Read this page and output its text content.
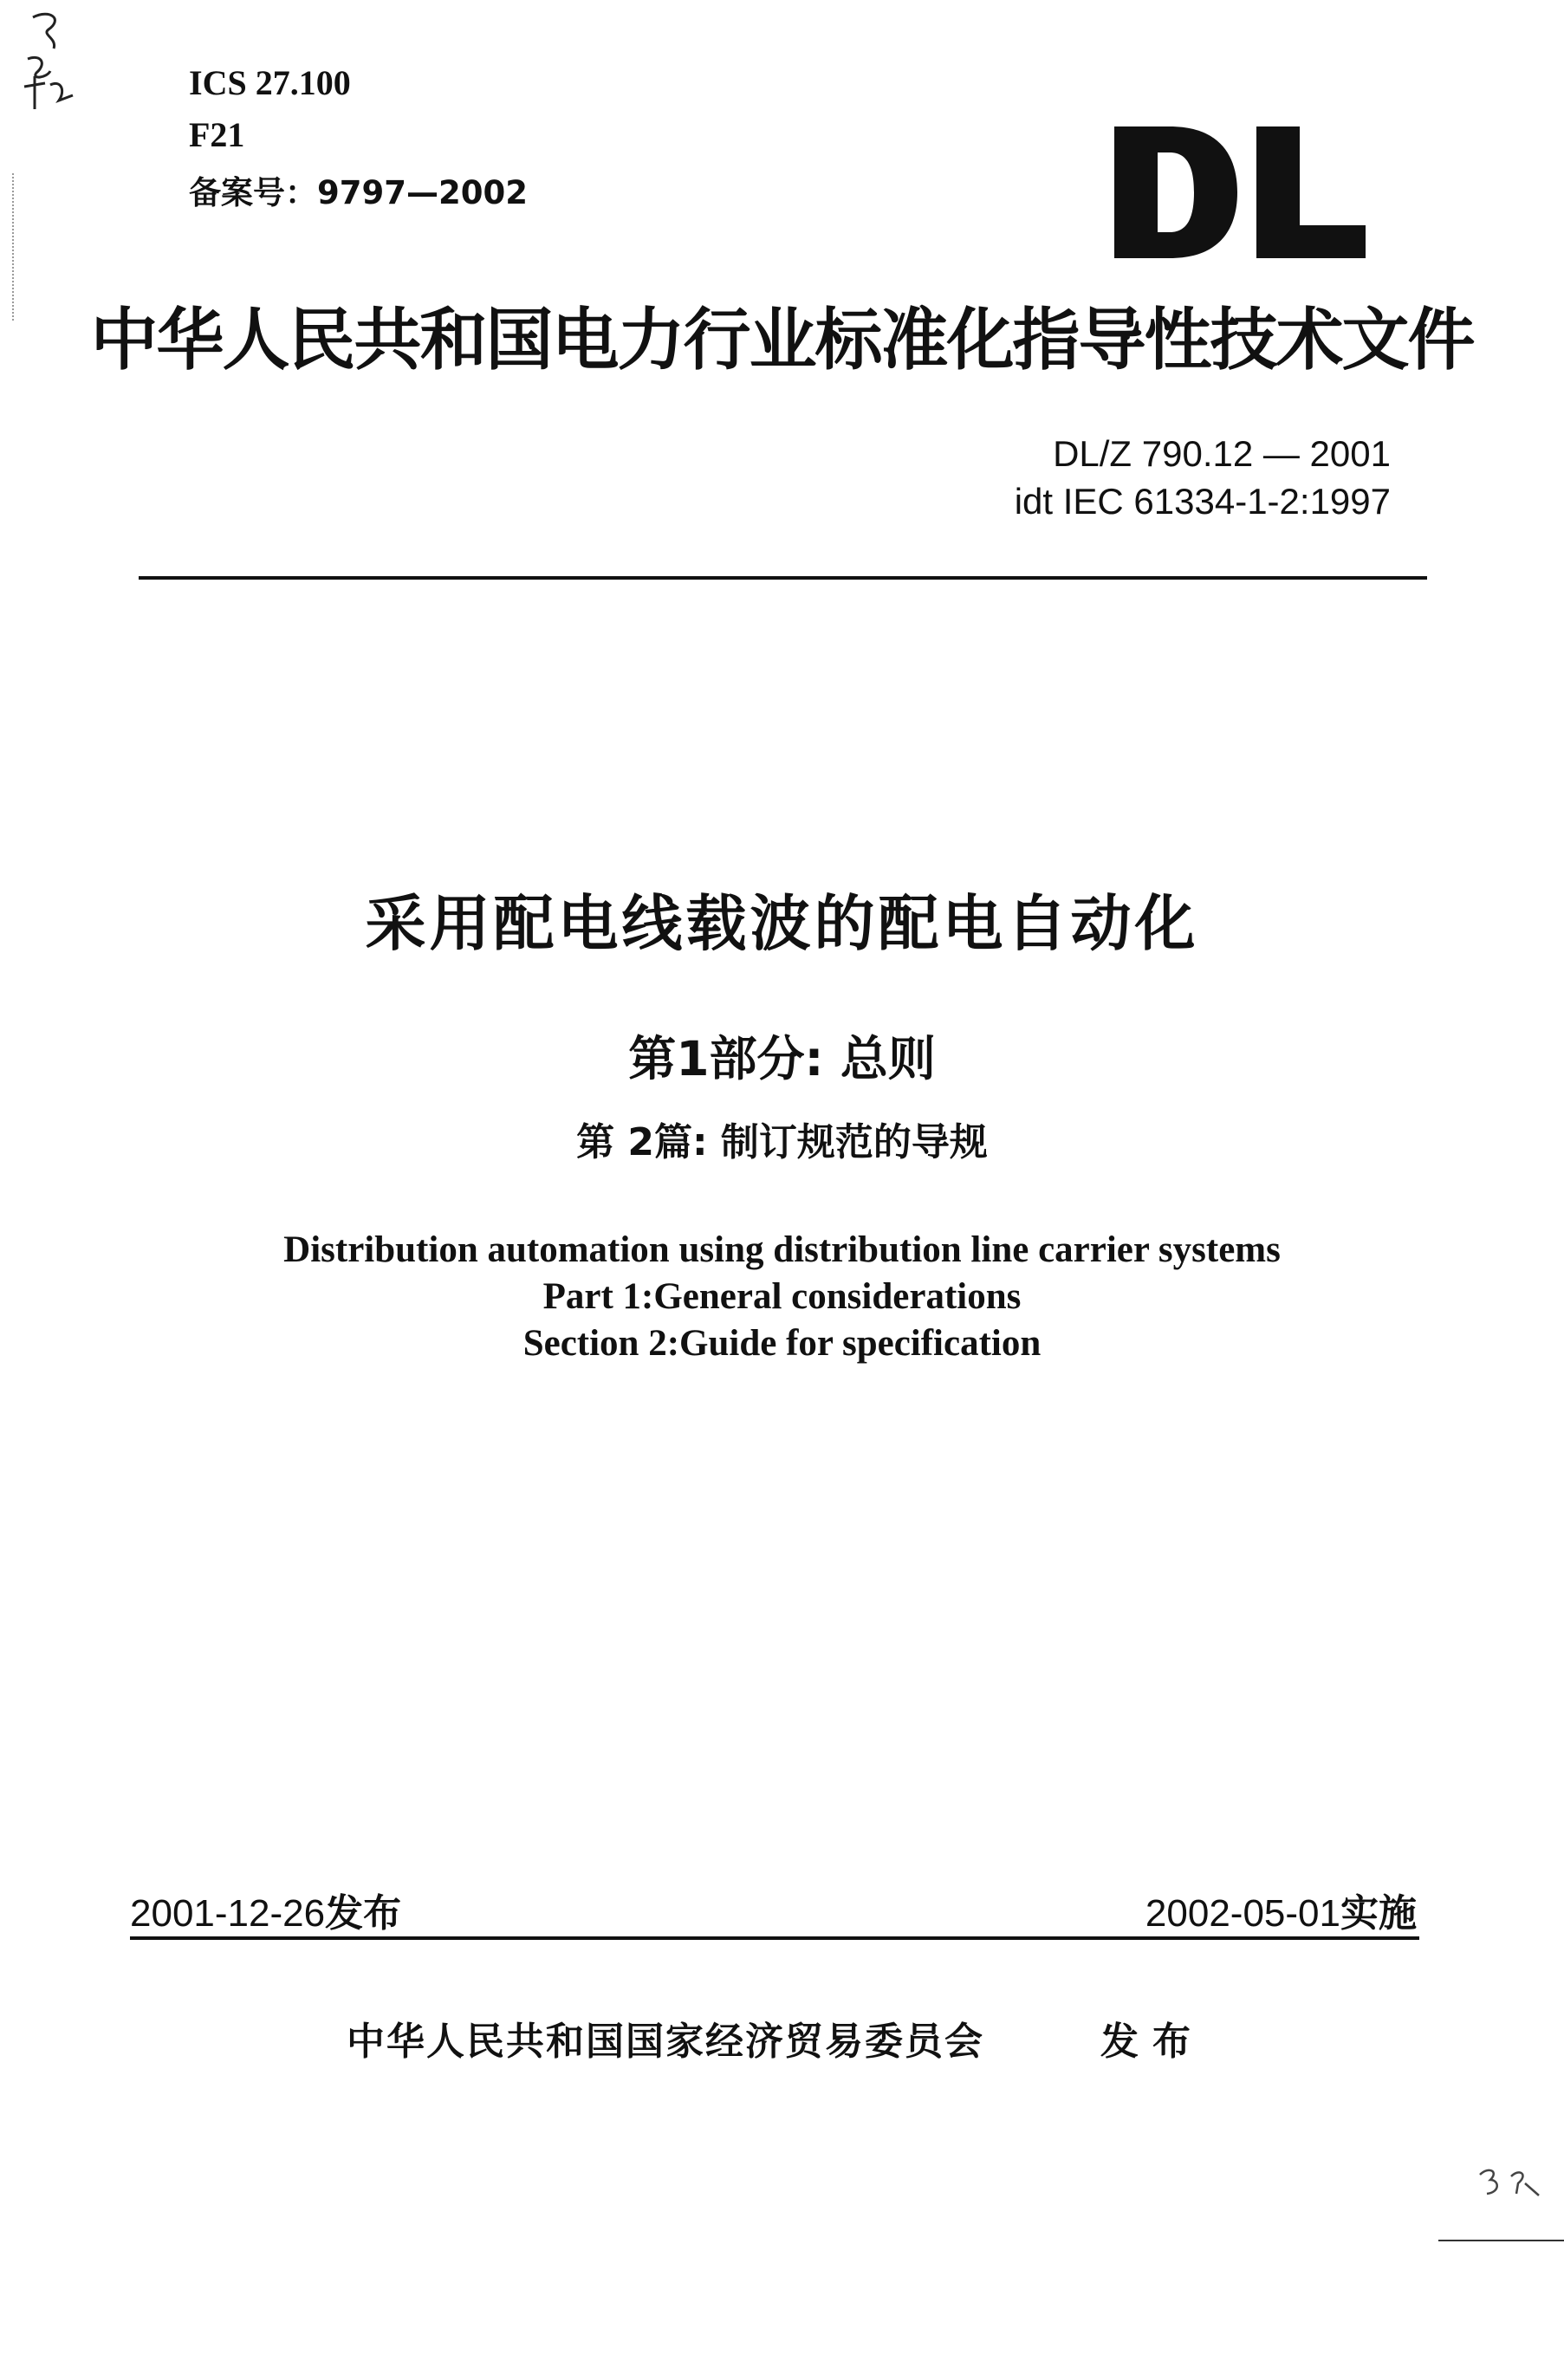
ICS 27.100
F21
备案号：9797—2002
中华人民共和国电力行业标准化指导性技术文件
DL/Z 790.12 — 2001
idt IEC 61334-1-2:1997
采用配电线载波的配电自动化
第1部分: 总则
第 2篇: 制订规范的导规
Distribution automation using distribution line carrier systems
Part 1:General considerations
Section 2:Guide for specification
2001-12-26发布	2002-05-01实施
中华人民共和国国家经济贸易委员会	发布
